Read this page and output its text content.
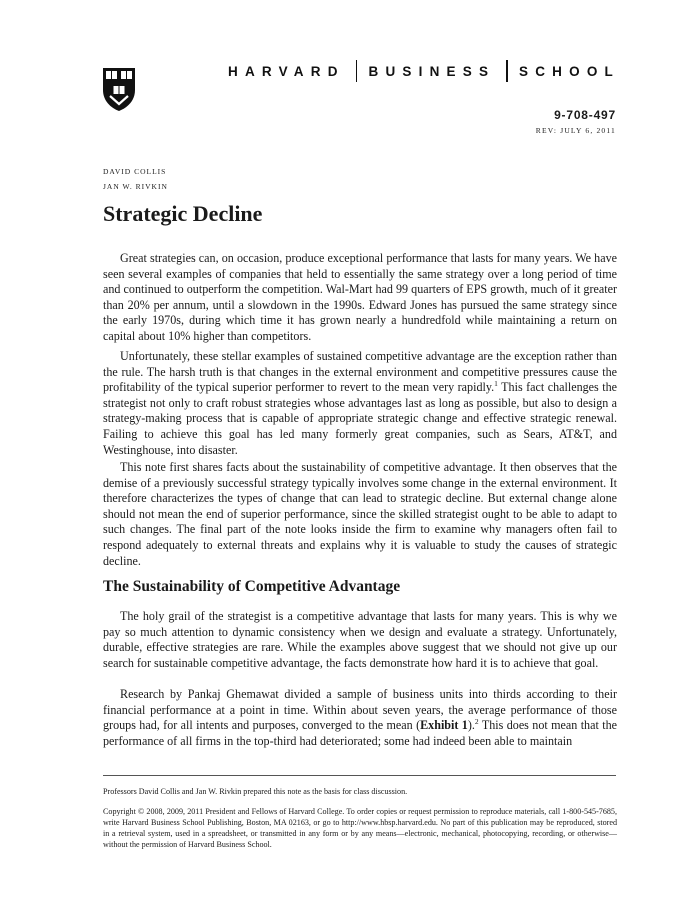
HARVARD BUSINESS SCHOOL
9-708-497
REV: JULY 6, 2011
DAVID COLLIS
JAN W. RIVKIN
Strategic Decline

Great strategies can, on occasion, produce exceptional performance that lasts for many years. We have seen several examples of companies that held to essentially the same strategy over a long period of time and continued to outperform the competition. Wal-Mart had 99 quarters of EPS growth, much of it greater than 20% per annum, until a slowdown in the 1990s. Edward Jones has pursued the same strategy since the early 1970s, during which time it has grown nearly a hundredfold while maintaining a return on capital about 10% higher than competitors.

Unfortunately, these stellar examples of sustained competitive advantage are the exception rather than the rule. The harsh truth is that changes in the external environment and competitive pressures cause the profitability of the typical superior performer to revert to the mean very rapidly.$^1$ This fact challenges the strategist not only to craft robust strategies whose advantages last as long as possible, but also to design a strategy-making process that is capable of appropriate strategic change and effective strategic renewal. Failing to achieve this goal has led many formerly great companies, such as Sears, AT&T, and Westinghouse, into disaster.

This note first shares facts about the sustainability of competitive advantage. It then observes that the demise of a previously successful strategy typically involves some change in the external environment. It therefore characterizes the types of change that can lead to strategic decline. But external change alone should not mean the end of superior performance, since the skilled strategist ought to be able to adapt to such changes. The final part of the note looks inside the firm to examine why managers often fail to respond adequately to external threats and explains why it is valuable to study the causes of strategic decline.

The Sustainability of Competitive Advantage

The holy grail of the strategist is a competitive advantage that lasts for many years. This is why we pay so much attention to dynamic consistency when we design and evaluate a strategy. Unfortunately, durable, effective strategies are rare. While the examples above suggest that we should not give up our search for sustainable competitive advantage, the facts demonstrate how hard it is to achieve that goal.

Research by Pankaj Ghemawat divided a sample of business units into thirds according to their financial performance at a point in time. Within about seven years, the average performance of those groups had, for all intents and purposes, converged to the mean (Exhibit 1).$^2$ This does not mean that the performance of all firms in the top-third had deteriorated; some had indeed been able to maintain

Professors David Collis and Jan W. Rivkin prepared this note as the basis for class discussion.
Copyright © 2008, 2009, 2011 President and Fellows of Harvard College. To order copies or request permission to reproduce materials, call 1-800-545-7685, write Harvard Business School Publishing, Boston, MA 02163, or go to http://www.hbsp.harvard.edu. No part of this publication may be reproduced, stored in a retrieval system, used in a spreadsheet, or transmitted in any form or by any means—electronic, mechanical, photocopying, recording, or otherwise—without the permission of Harvard Business School.
